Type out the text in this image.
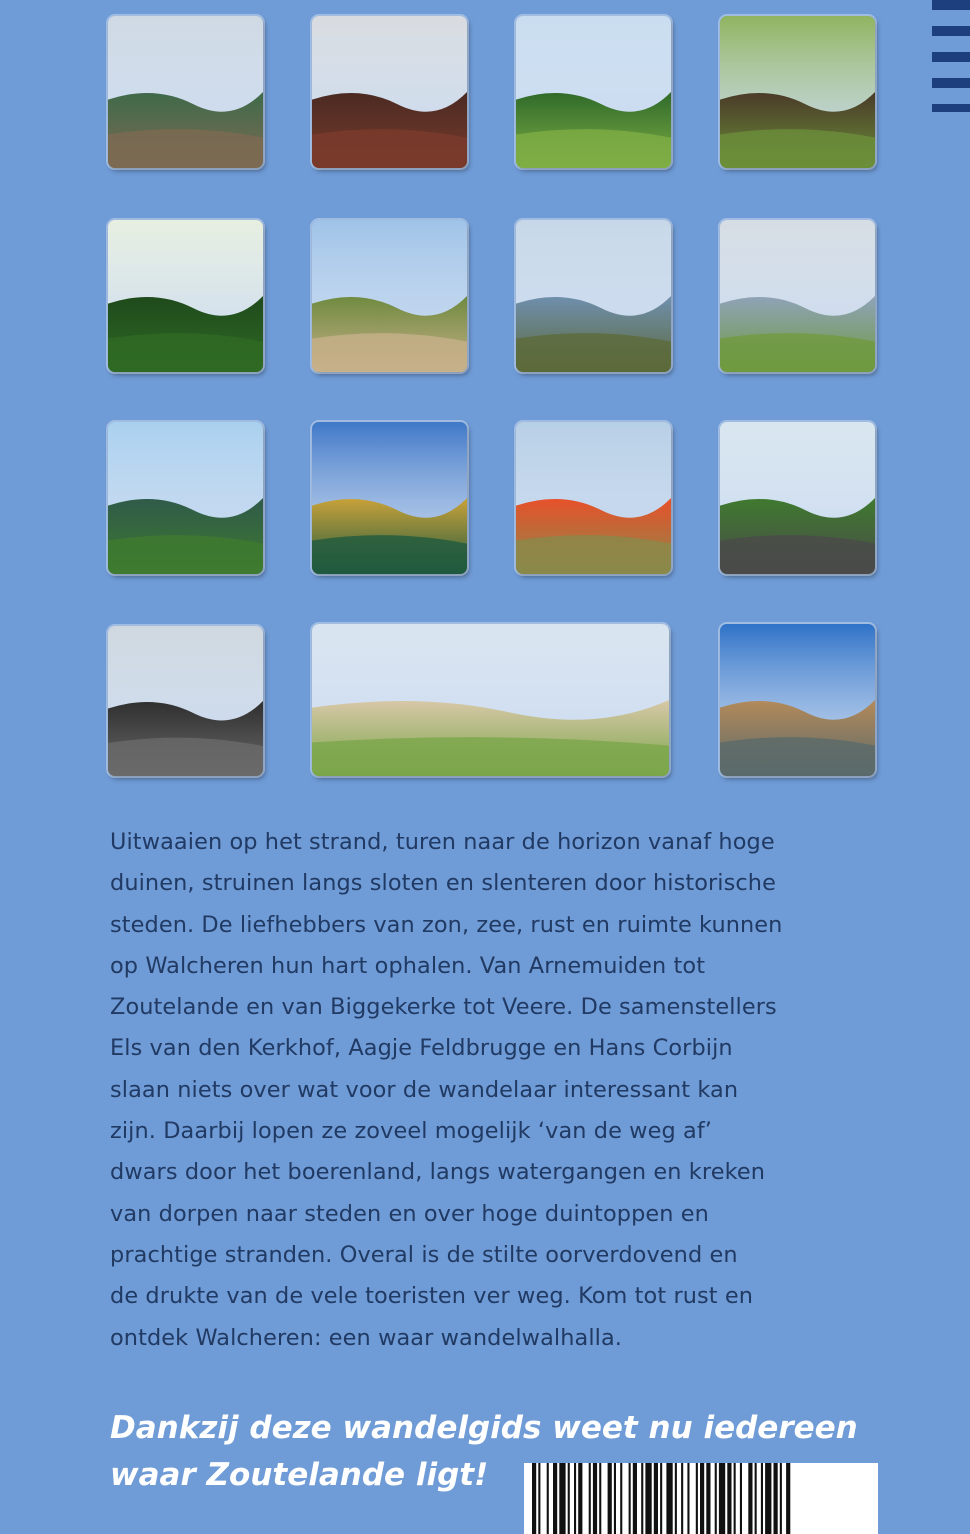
Uitwaaien op het strand, turen naar de horizon vanaf hoge
duinen, struinen langs sloten en slenteren door historische
steden. De liefhebbers van zon, zee, rust en ruimte kunnen
op Walcheren hun hart ophalen. Van Arnemuiden tot
Zoutelande en van Biggekerke tot Veere. De samenstellers
Els van den Kerkhof, Aagje Feldbrugge en Hans Corbijn
slaan niets over wat voor de wandelaar interessant kan
zijn. Daarbij lopen ze zoveel mogelijk ‘van de weg af’
dwars door het boerenland, langs watergangen en kreken
van dorpen naar steden en over hoge duintoppen en
prachtige stranden. Overal is de stilte oorverdovend en
de drukte van de vele toeristen ver weg. Kom tot rust en
ontdek Walcheren: een waar wandelwalhalla.
Dankzij deze wandelgids weet nu iedereen
waar Zoutelande ligt!
